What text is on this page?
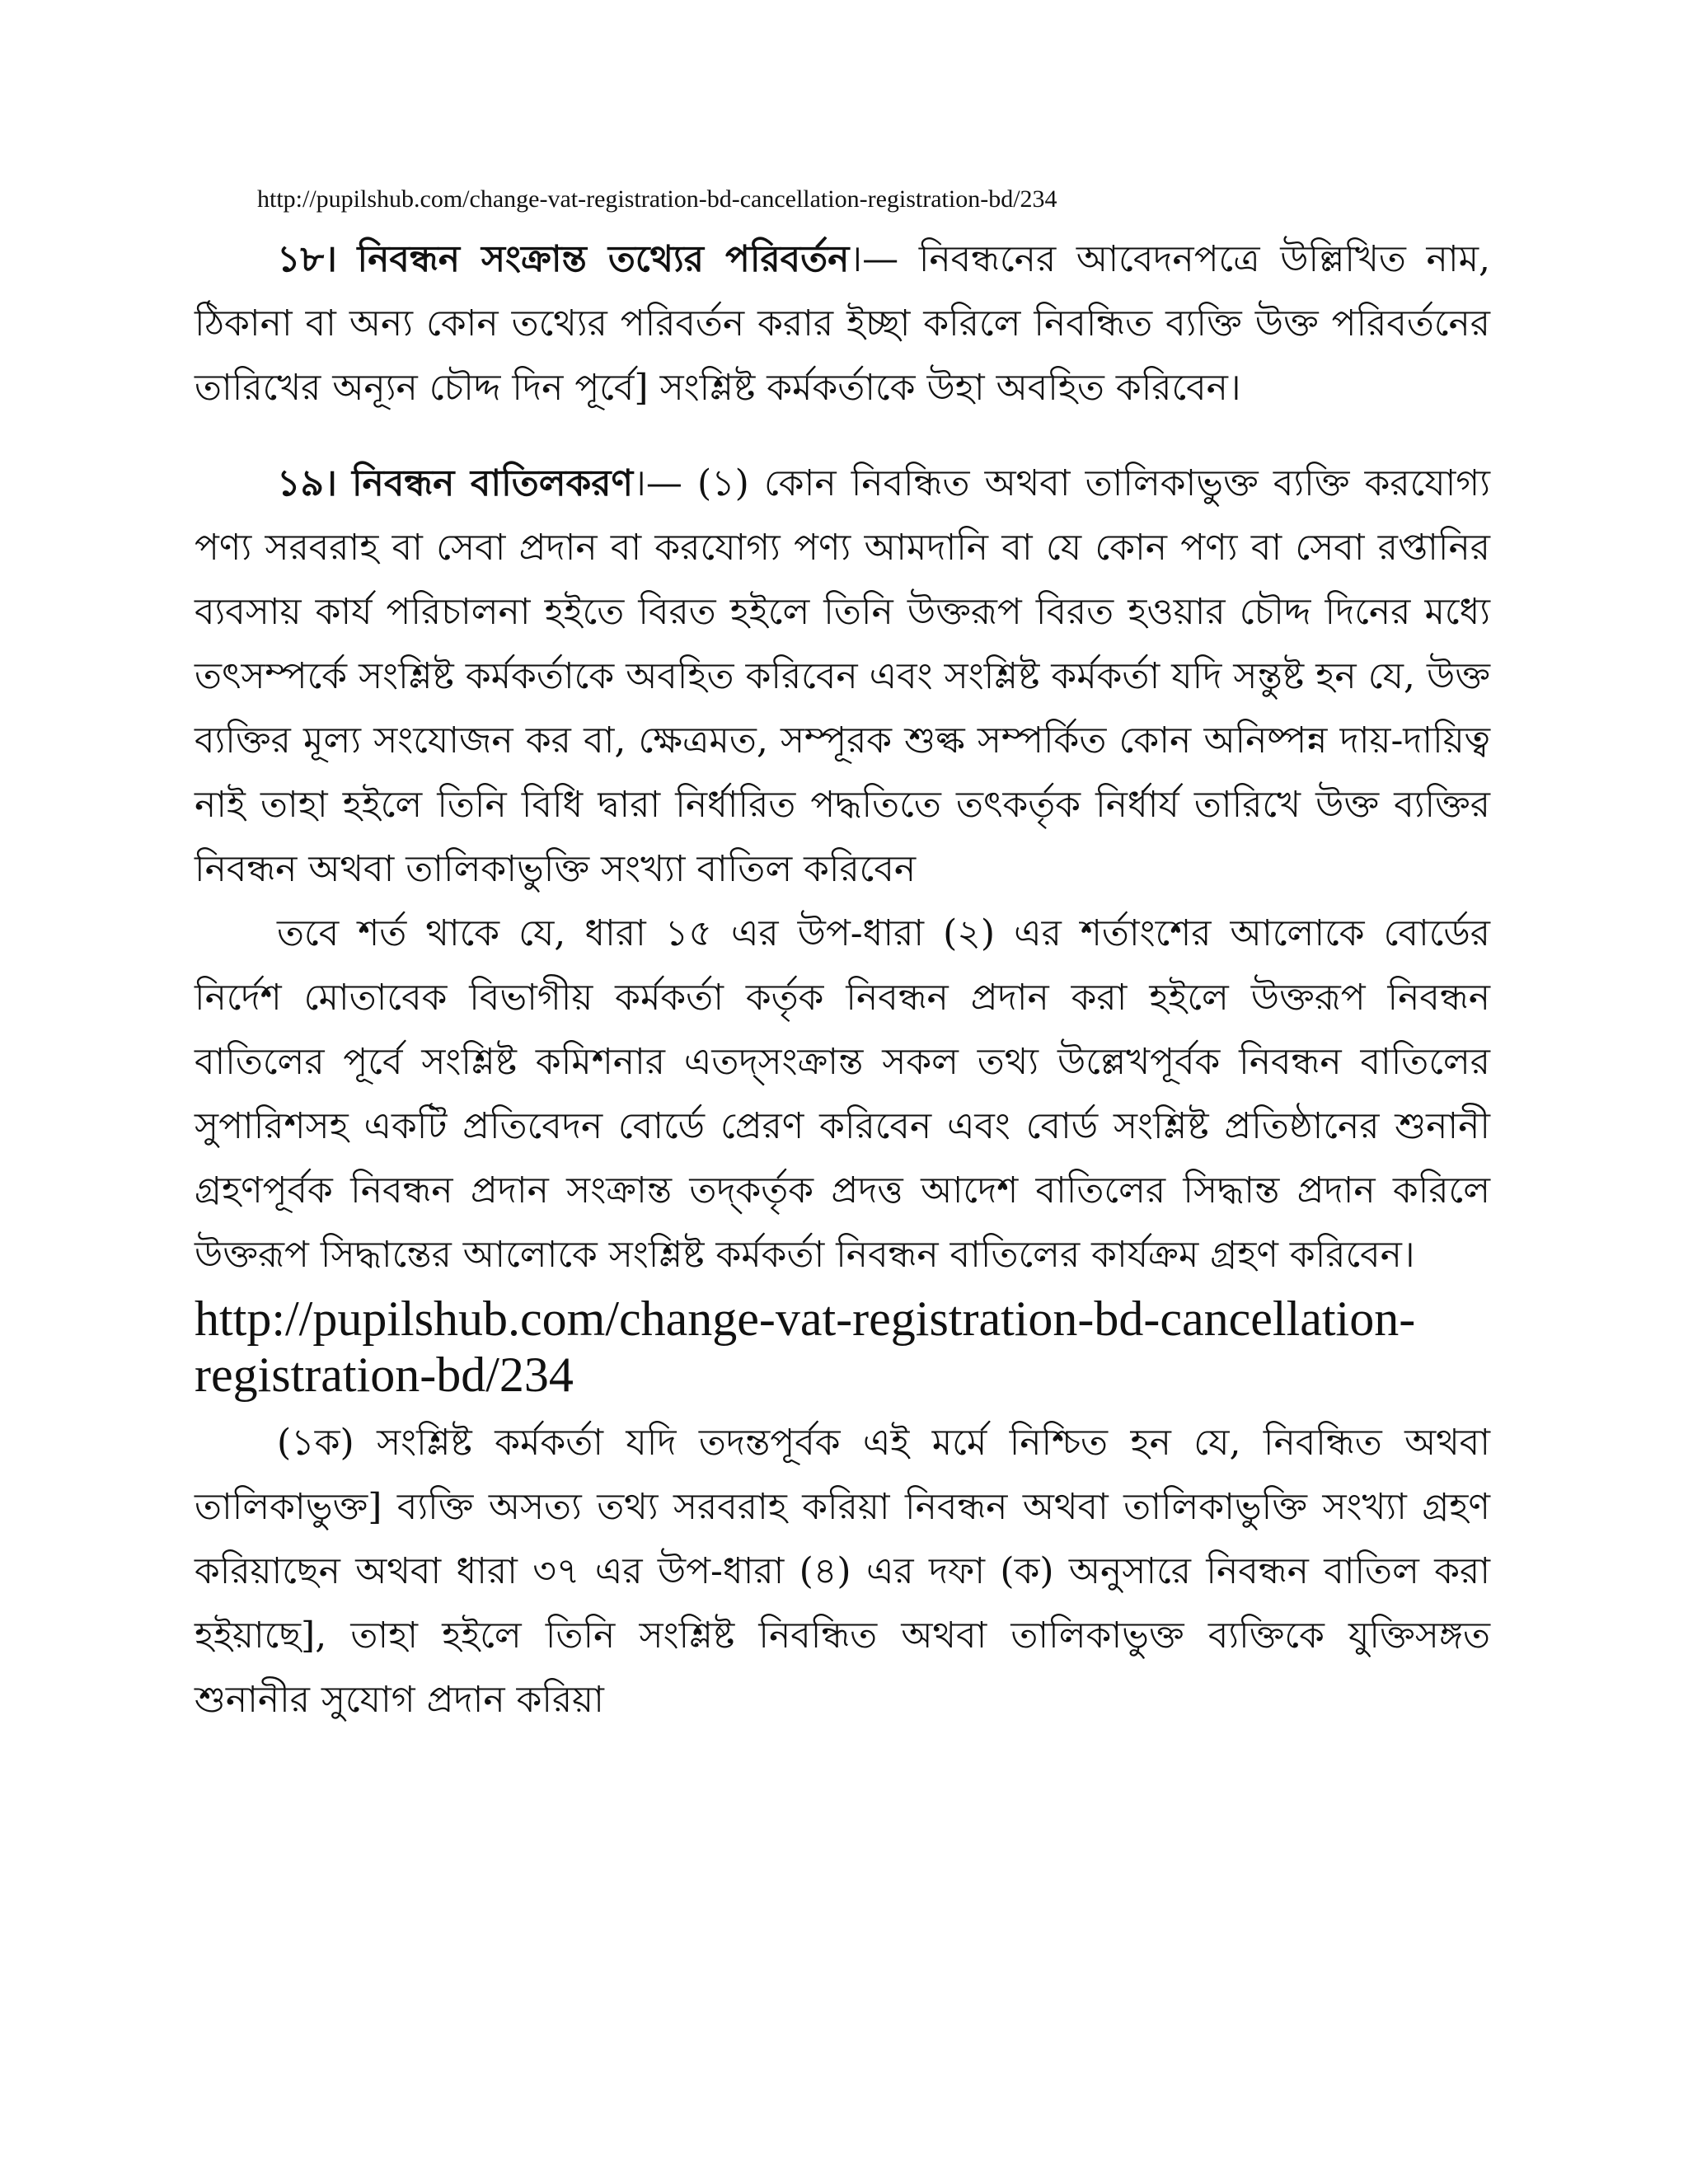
http://pupilshub.com/change-vat-registration-bd-cancellation-registration-bd/234

১৮। নিবন্ধন সংক্রান্ত তথ্যের পরিবর্তন।— নিবন্ধনের আবেদনপত্রে উল্লিখিত নাম, ঠিকানা বা অন্য কোন তথ্যের পরিবর্তন করার ইচ্ছা করিলে নিবন্ধিত ব্যক্তি উক্ত পরিবর্তনের তারিখের অন্যূন চৌদ্দ দিন পূর্বে] সংশ্লিষ্ট কর্মকর্তাকে উহা অবহিত করিবেন।

১৯। নিবন্ধন বাতিলকরণ।— (১) কোন নিবন্ধিত অথবা তালিকাভুক্ত ব্যক্তি করযোগ্য পণ্য সরবরাহ বা সেবা প্রদান বা করযোগ্য পণ্য আমদানি বা যে কোন পণ্য বা সেবা রপ্তানির ব্যবসায় কার্য পরিচালনা হইতে বিরত হইলে তিনি উক্তরূপ বিরত হওয়ার চৌদ্দ দিনের মধ্যে তৎসম্পর্কে সংশ্লিষ্ট কর্মকর্তাকে অবহিত করিবেন এবং সংশ্লিষ্ট কর্মকর্তা যদি সন্তুষ্ট হন যে, উক্ত ব্যক্তির মূল্য সংযোজন কর বা, ক্ষেত্রমত, সম্পূরক শুল্ক সম্পর্কিত কোন অনিষ্পন্ন দায়-দায়িত্ব নাই তাহা হইলে তিনি বিধি দ্বারা নির্ধারিত পদ্ধতিতে তৎকর্তৃক নির্ধার্য তারিখে উক্ত ব্যক্তির নিবন্ধন অথবা তালিকাভুক্তি সংখ্যা বাতিল করিবেন

তবে শর্ত থাকে যে, ধারা ১৫ এর উপ-ধারা (২) এর শর্তাংশের আলোকে বোর্ডের নির্দেশ মোতাবেক বিভাগীয় কর্মকর্তা কর্তৃক নিবন্ধন প্রদান করা হইলে উক্তরূপ নিবন্ধন বাতিলের পূর্বে সংশ্লিষ্ট কমিশনার এতদ্সংক্রান্ত সকল তথ্য উল্লেখপূর্বক নিবন্ধন বাতিলের সুপারিশসহ একটি প্রতিবেদন বোর্ডে প্রেরণ করিবেন এবং বোর্ড সংশ্লিষ্ট প্রতিষ্ঠানের শুনানী গ্রহণপূর্বক নিবন্ধন প্রদান সংক্রান্ত তদ্কর্তৃক প্রদত্ত আদেশ বাতিলের সিদ্ধান্ত প্রদান করিলে উক্তরূপ সিদ্ধান্তের আলোকে সংশ্লিষ্ট কর্মকর্তা নিবন্ধন বাতিলের কার্যক্রম গ্রহণ করিবেন।

http://pupilshub.com/change-vat-registration-bd-cancellation-registration-bd/234

(১ক) সংশ্লিষ্ট কর্মকর্তা যদি তদন্তপূর্বক এই মর্মে নিশ্চিত হন যে, নিবন্ধিত অথবা তালিকাভুক্ত] ব্যক্তি অসত্য তথ্য সরবরাহ করিয়া নিবন্ধন অথবা তালিকাভুক্তি সংখ্যা গ্রহণ করিয়াছেন অথবা ধারা ৩৭ এর উপ-ধারা (৪) এর দফা (ক) অনুসারে নিবন্ধন বাতিল করা হইয়াছে], তাহা হইলে তিনি সংশ্লিষ্ট নিবন্ধিত অথবা তালিকাভুক্ত ব্যক্তিকে যুক্তিসঙ্গত শুনানীর সুযোগ প্রদান করিয়া
